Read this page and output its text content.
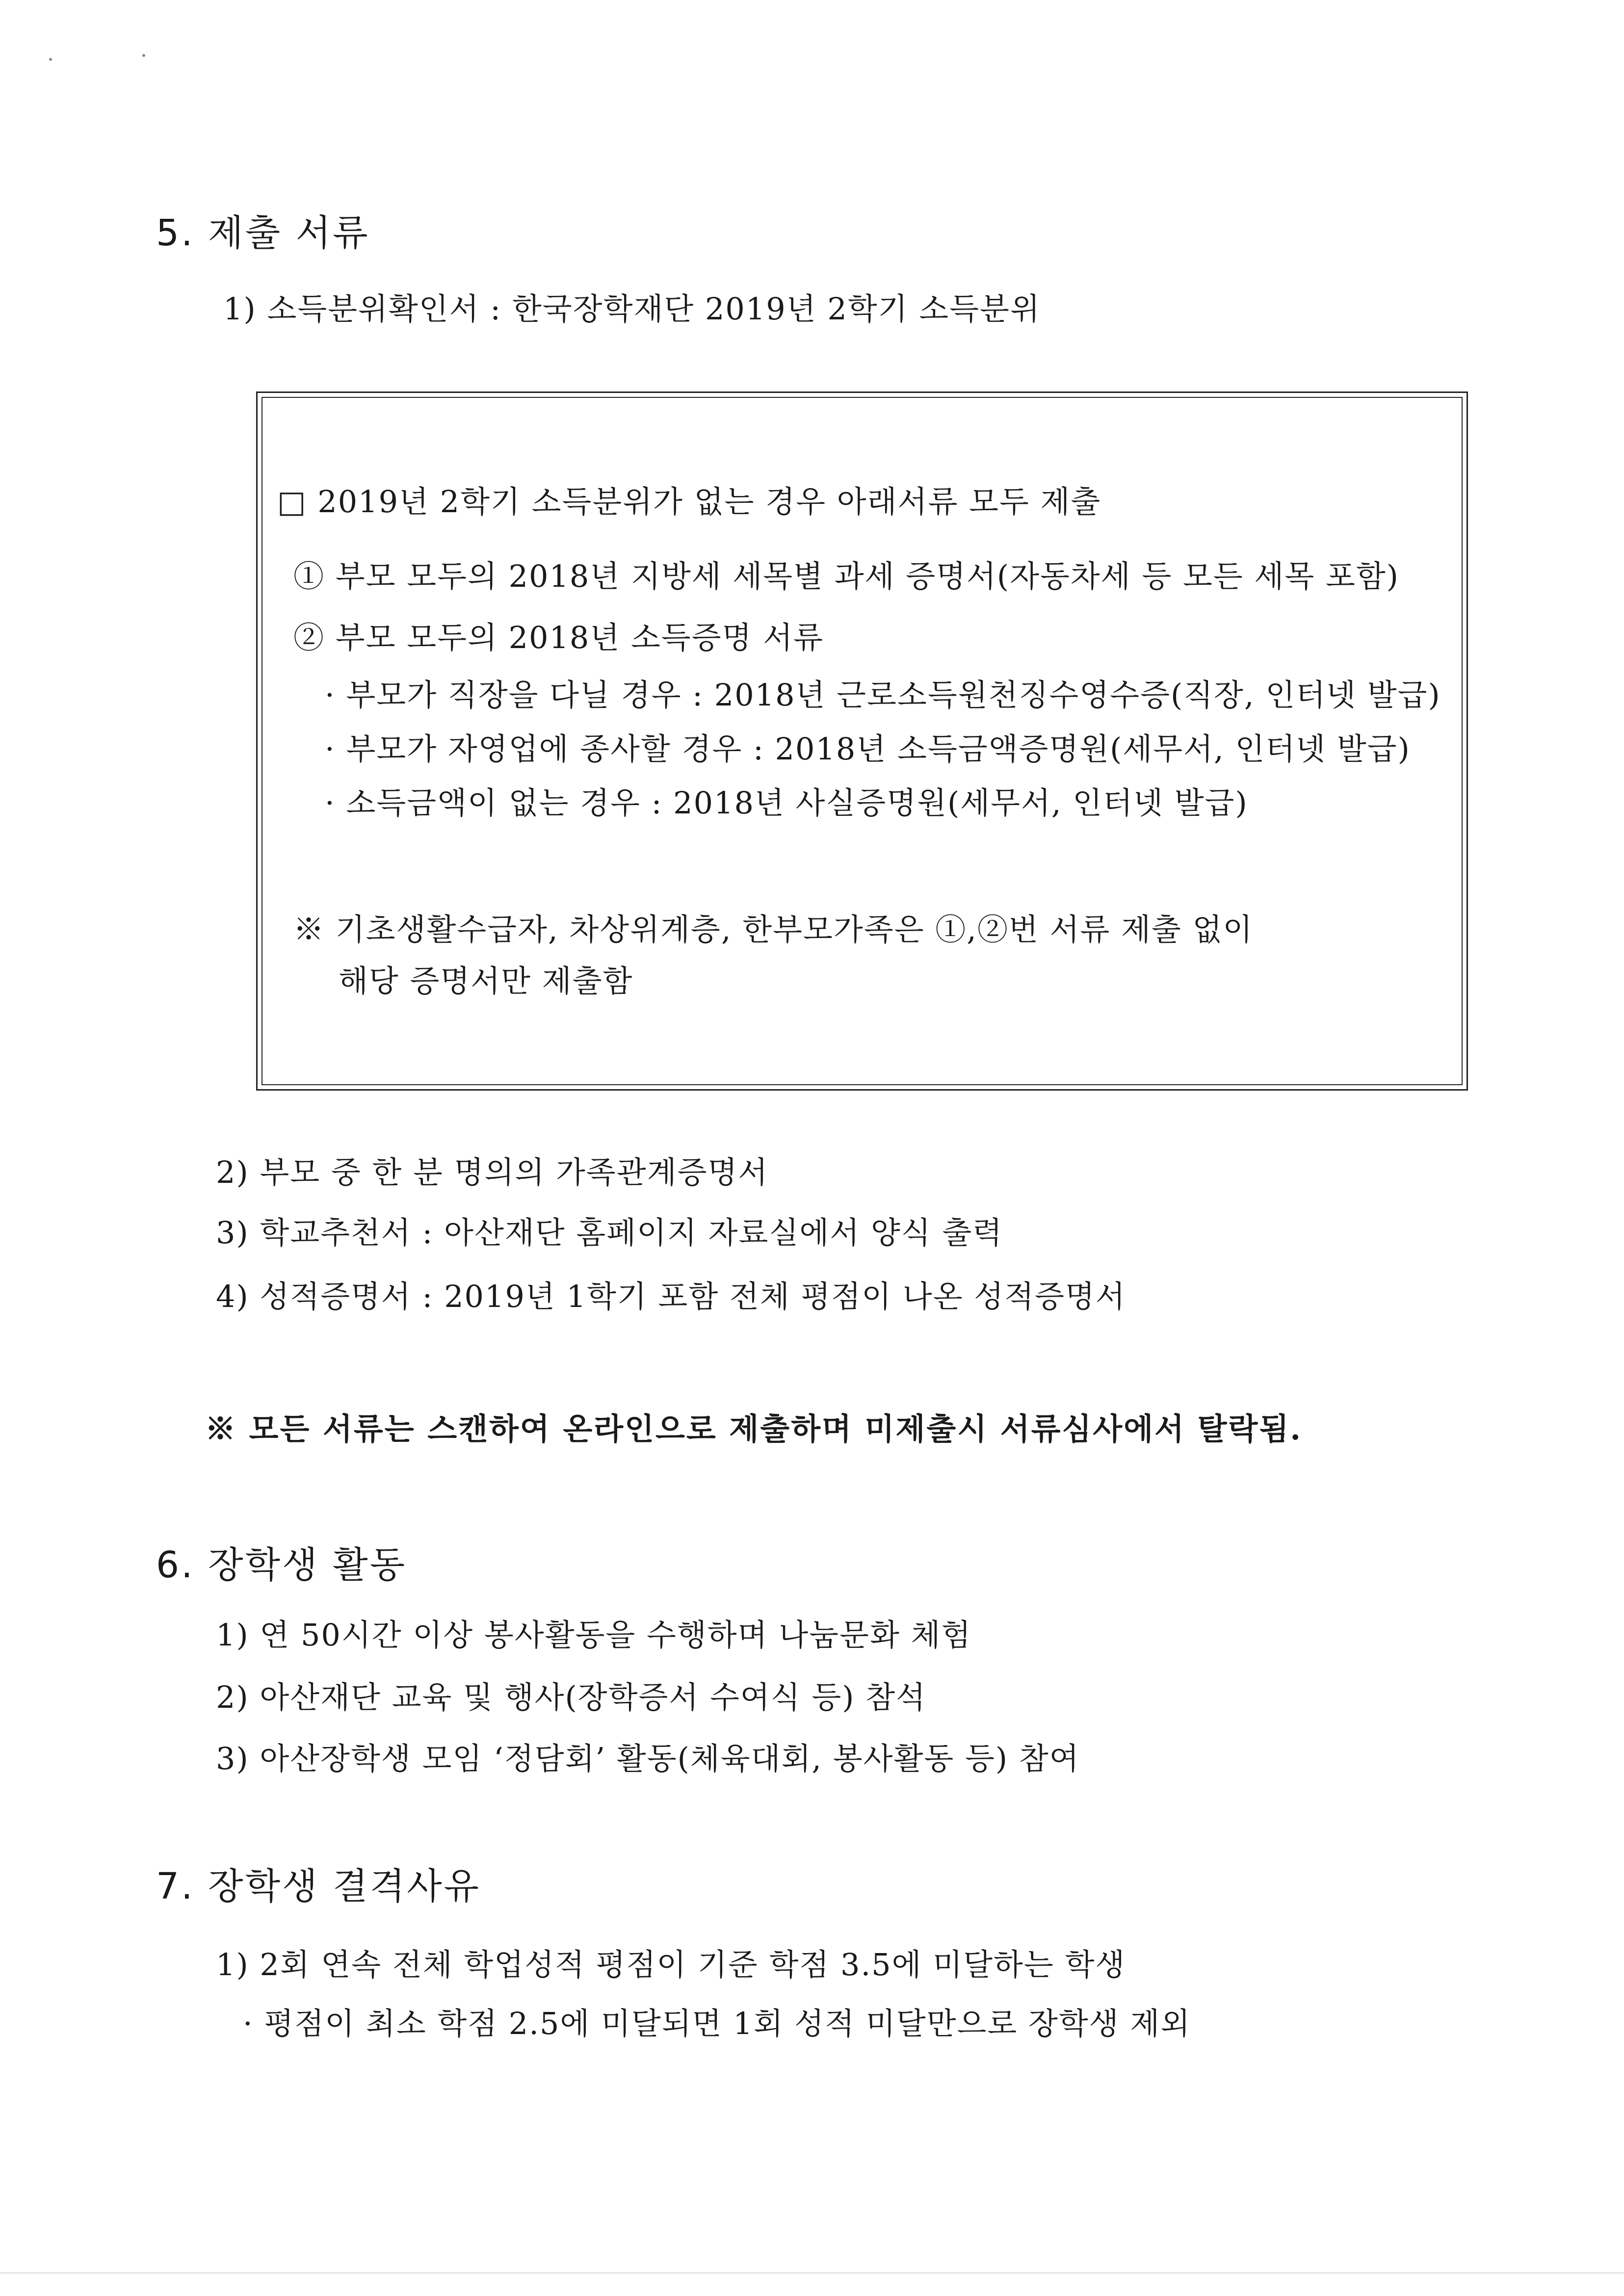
5. 제출 서류
1) 소득분위확인서 : 한국장학재단 2019년 2학기 소득분위
□ 2019년 2학기 소득분위가 없는 경우 아래서류 모두 제출
① 부모 모두의 2018년 지방세 세목별 과세 증명서(자동차세 등 모든 세목 포함)
② 부모 모두의 2018년 소득증명 서류
· 부모가 직장을 다닐 경우 : 2018년 근로소득원천징수영수증(직장, 인터넷 발급)
· 부모가 자영업에 종사할 경우 : 2018년 소득금액증명원(세무서, 인터넷 발급)
· 소득금액이 없는 경우 : 2018년 사실증명원(세무서, 인터넷 발급)
※ 기초생활수급자, 차상위계층, 한부모가족은 ①,②번 서류 제출 없이
해당 증명서만 제출함
2) 부모 중 한 분 명의의 가족관계증명서
3) 학교추천서 : 아산재단 홈페이지 자료실에서 양식 출력
4) 성적증명서 : 2019년 1학기 포함 전체 평점이 나온 성적증명서
※ 모든 서류는 스캔하여 온라인으로 제출하며 미제출시 서류심사에서 탈락됨.
6. 장학생 활동
1) 연 50시간 이상 봉사활동을 수행하며 나눔문화 체험
2) 아산재단 교육 및 행사(장학증서 수여식 등) 참석
3) 아산장학생 모임 ‘정담회’ 활동(체육대회, 봉사활동 등) 참여
7. 장학생 결격사유
1) 2회 연속 전체 학업성적 평점이 기준 학점 3.5에 미달하는 학생
· 평점이 최소 학점 2.5에 미달되면 1회 성적 미달만으로 장학생 제외
